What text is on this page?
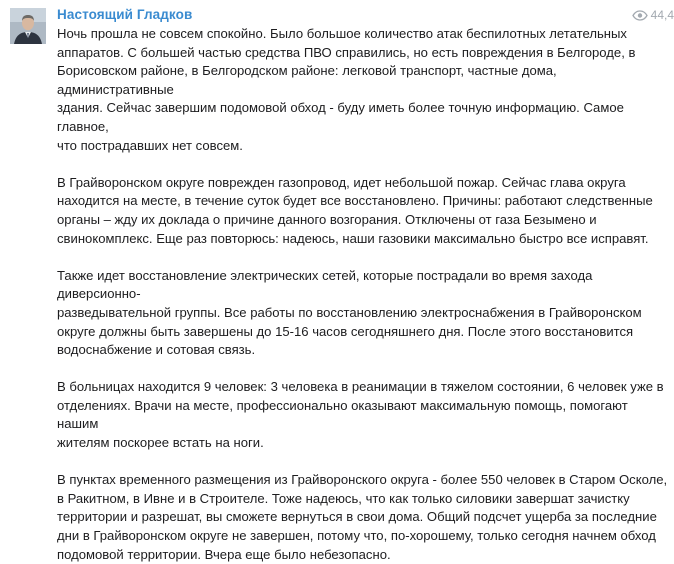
Настоящий Гладков	44,4

Ночь прошла не совсем спокойно. Было большое количество атак беспилотных летательных
аппаратов. С большей частью средства ПВО справились, но есть повреждения в Белгороде, в
Борисовском районе, в Белгородском районе: легковой транспорт, частные дома, административные
здания. Сейчас завершим подомовой обход - буду иметь более точную информацию. Самое главное,
что пострадавших нет совсем.

В Грайворонском округе поврежден газопровод, идет небольшой пожар. Сейчас глава округа
находится на месте, в течение суток будет все восстановлено. Причины: работают следственные
органы – жду их доклада о причине данного возгорания. Отключены от газа Безымено и
свинокомплекс. Еще раз повторюсь: надеюсь, наши газовики максимально быстро все исправят.

Также идет восстановление электрических сетей, которые пострадали во время захода диверсионно-
разведывательной группы. Все работы по восстановлению электроснабжения в Грайворонском
округе должны быть завершены до 15-16 часов сегодняшнего дня. После этого восстановится
водоснабжение и сотовая связь.

В больницах находится 9 человек: 3 человека в реанимации в тяжелом состоянии, 6 человек уже в
отделениях. Врачи на месте, профессионально оказывают максимальную помощь, помогают нашим
жителям поскорее встать на ноги.

В пунктах временного размещения из Грайворонского округа - более 550 человек в Старом Осколе,
в Ракитном, в Ивне и в Строителе. Тоже надеюсь, что как только силовики завершат зачистку
территории и разрешат, вы сможете вернуться в свои дома. Общий подсчет ущерба за последние
дни в Грайворонском округе не завершен, потому что, по-хорошему, только сегодня начнем обход
подомовой территории. Вчера еще было небезопасно.
